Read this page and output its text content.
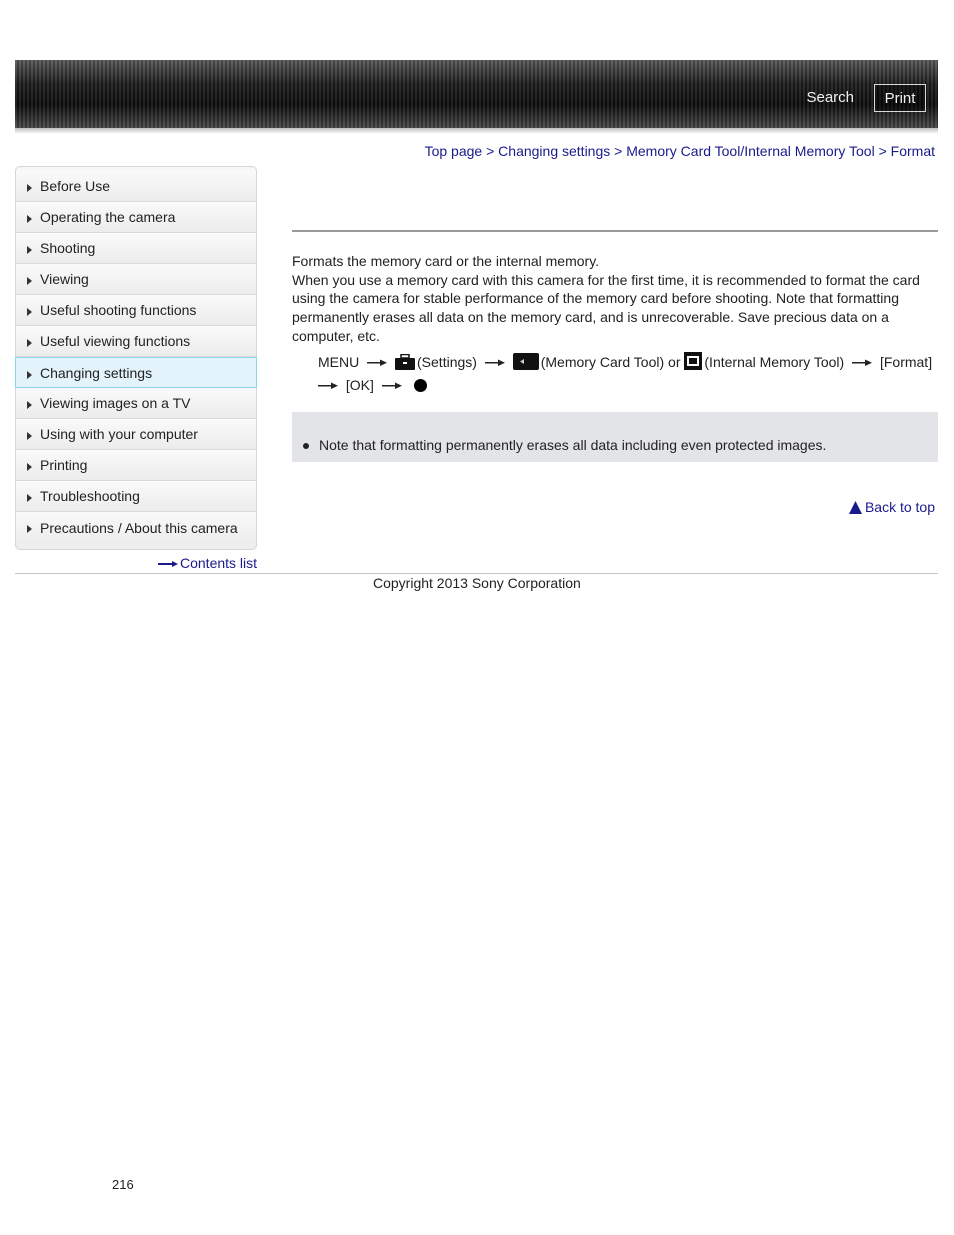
Search	Print
Top page > Changing settings > Memory Card Tool/Internal Memory Tool > Format
Before Use
Operating the camera
Shooting
Viewing
Useful shooting functions
Useful viewing functions
Changing settings
Viewing images on a TV
Using with your computer
Printing
Troubleshooting
Precautions / About this camera
Contents list
Formats the memory card or the internal memory.
When you use a memory card with this camera for the first time, it is recommended to format the card using the camera for stable performance of the memory card before shooting. Note that formatting permanently erases all data on the memory card, and is unrecoverable. Save precious data on a computer, etc.
MENU	(Settings)	(Memory Card Tool) or (Internal Memory Tool)	[Format]
[OK]
Note that formatting permanently erases all data including even protected images.
Back to top
Copyright 2013 Sony Corporation
216
